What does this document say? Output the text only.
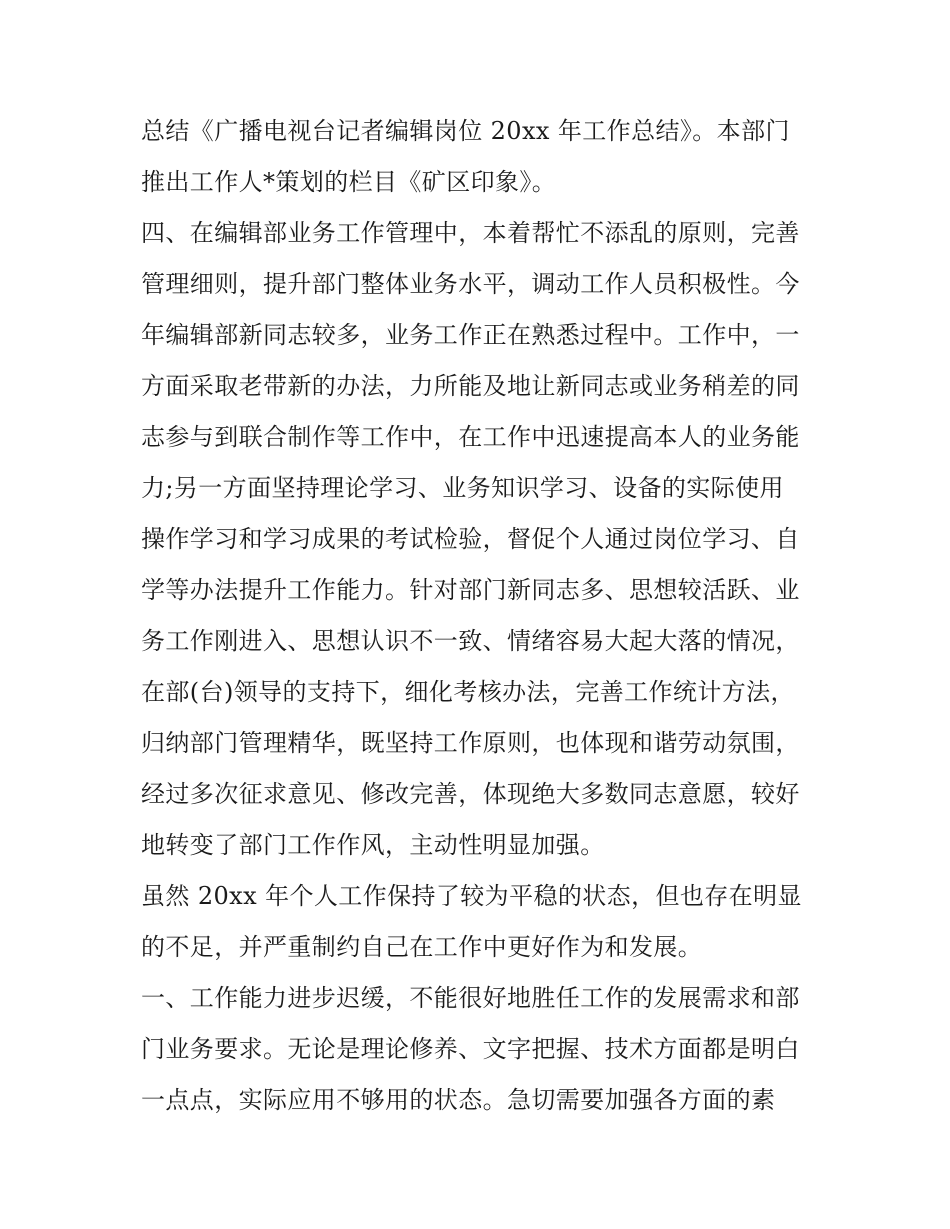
总结《广播电视台记者编辑岗位 20xx 年工作总结》。本部门
推出工作人*策划的栏目《矿区印象》。
四、在编辑部业务工作管理中，本着帮忙不添乱的原则，完善
管理细则，提升部门整体业务水平，调动工作人员积极性。今
年编辑部新同志较多，业务工作正在熟悉过程中。工作中，一
方面采取老带新的办法，力所能及地让新同志或业务稍差的同
志参与到联合制作等工作中，在工作中迅速提高本人的业务能
力;另一方面坚持理论学习、业务知识学习、设备的实际使用
操作学习和学习成果的考试检验，督促个人通过岗位学习、自
学等办法提升工作能力。针对部门新同志多、思想较活跃、业
务工作刚进入、思想认识不一致、情绪容易大起大落的情况，
在部(台)领导的支持下，细化考核办法，完善工作统计方法，
归纳部门管理精华，既坚持工作原则，也体现和谐劳动氛围，
经过多次征求意见、修改完善，体现绝大多数同志意愿，较好
地转变了部门工作作风，主动性明显加强。
虽然 20xx 年个人工作保持了较为平稳的状态，但也存在明显
的不足，并严重制约自己在工作中更好作为和发展。
一、工作能力进步迟缓，不能很好地胜任工作的发展需求和部
门业务要求。无论是理论修养、文字把握、技术方面都是明白
一点点，实际应用不够用的状态。急切需要加强各方面的素
